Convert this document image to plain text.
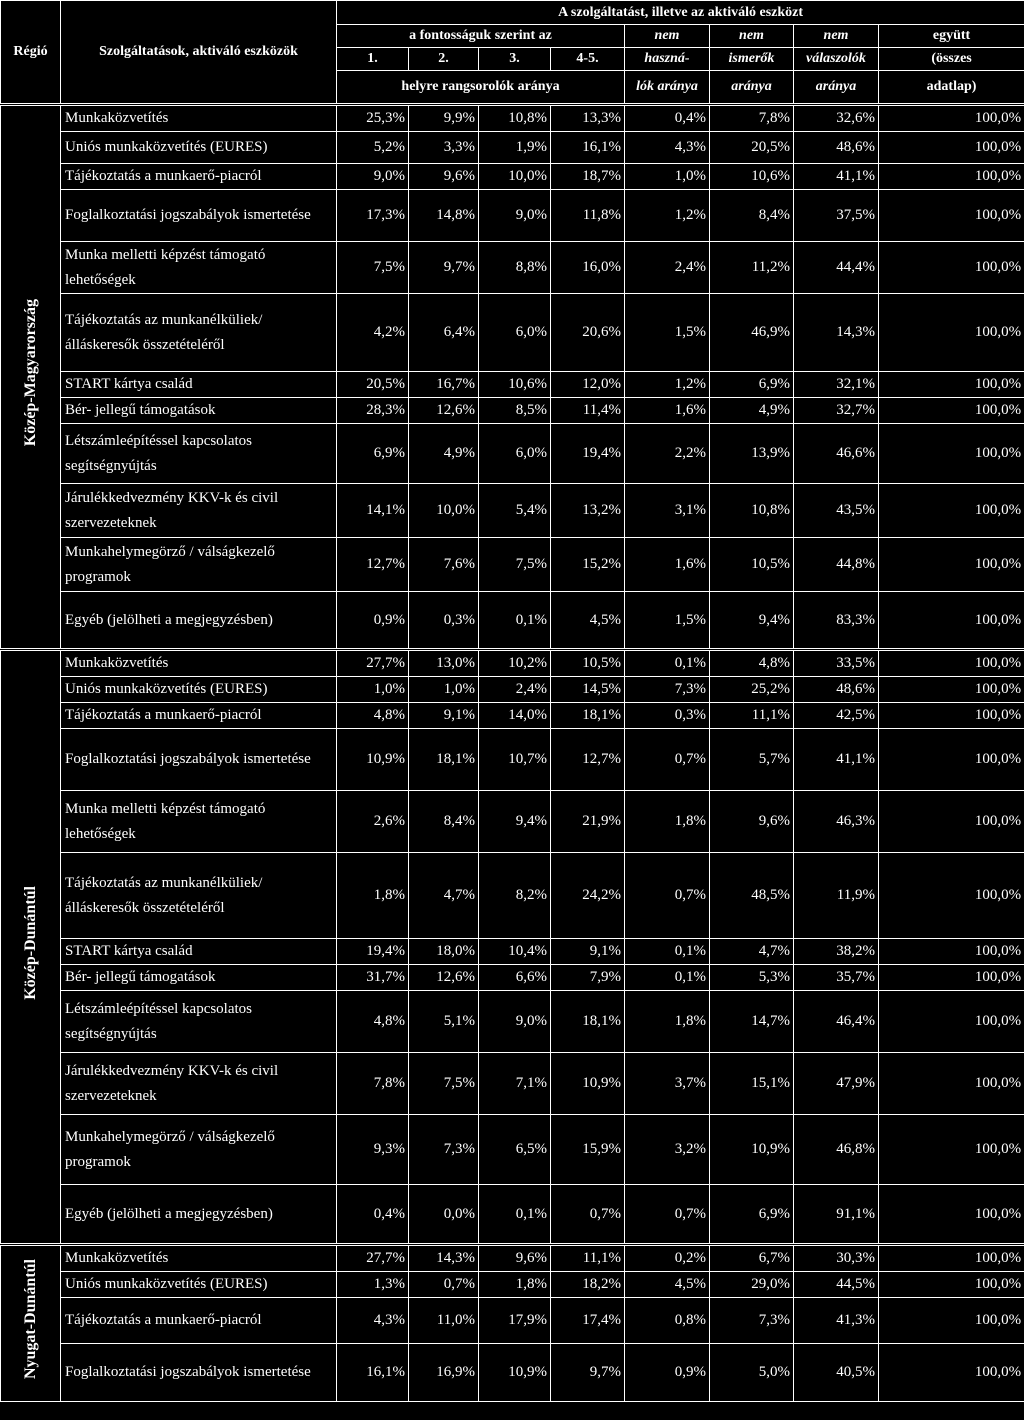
Régió	Szolgáltatások, aktiváló eszközök	A szolgáltatást, illetve az aktiváló eszközt							
		a fontosságuk szerint az				nem	nem	nem	együtt
		1.	2.	3.	4-5.	haszná-	ismerők	válaszolók	(összes
		helyre rangsorolók aránya				lók aránya	aránya	aránya	adatlap)
Közép-Magyarország	Munkaközvetítés	25,3%	9,9%	10,8%	13,3%	0,4%	7,8%	32,6%	100,0%
	Uniós munkaközvetítés (EURES)	5,2%	3,3%	1,9%	16,1%	4,3%	20,5%	48,6%	100,0%
	Tájékoztatás a munkaerő-piacról	9,0%	9,6%	10,0%	18,7%	1,0%	10,6%	41,1%	100,0%
	Foglalkoztatási jogszabályok ismertetése	17,3%	14,8%	9,0%	11,8%	1,2%	8,4%	37,5%	100,0%
	Munka melletti képzést támogató lehetőségek	7,5%	9,7%	8,8%	16,0%	2,4%	11,2%	44,4%	100,0%
	Tájékoztatás az munkanélküliek/álláskeresők összetételéről	4,2%	6,4%	6,0%	20,6%	1,5%	46,9%	14,3%	100,0%
	START kártya család	20,5%	16,7%	10,6%	12,0%	1,2%	6,9%	32,1%	100,0%
	Bér- jellegű támogatások	28,3%	12,6%	8,5%	11,4%	1,6%	4,9%	32,7%	100,0%
	Létszámleépítéssel kapcsolatos segítségnyújtás	6,9%	4,9%	6,0%	19,4%	2,2%	13,9%	46,6%	100,0%
	Járulékkedvezmény KKV-k és civil szervezeteknek	14,1%	10,0%	5,4%	13,2%	3,1%	10,8%	43,5%	100,0%
	Munkahelymegörző / válságkezelő programok	12,7%	7,6%	7,5%	15,2%	1,6%	10,5%	44,8%	100,0%
	Egyéb (jelölheti a megjegyzésben)	0,9%	0,3%	0,1%	4,5%	1,5%	9,4%	83,3%	100,0%
Közép-Dunántúl	Munkaközvetítés	27,7%	13,0%	10,2%	10,5%	0,1%	4,8%	33,5%	100,0%
	Uniós munkaközvetítés (EURES)	1,0%	1,0%	2,4%	14,5%	7,3%	25,2%	48,6%	100,0%
	Tájékoztatás a munkaerő-piacról	4,8%	9,1%	14,0%	18,1%	0,3%	11,1%	42,5%	100,0%
	Foglalkoztatási jogszabályok ismertetése	10,9%	18,1%	10,7%	12,7%	0,7%	5,7%	41,1%	100,0%
	Munka melletti képzést támogató lehetőségek	2,6%	8,4%	9,4%	21,9%	1,8%	9,6%	46,3%	100,0%
	Tájékoztatás az munkanélküliek/álláskeresők összetételéről	1,8%	4,7%	8,2%	24,2%	0,7%	48,5%	11,9%	100,0%
	START kártya család	19,4%	18,0%	10,4%	9,1%	0,1%	4,7%	38,2%	100,0%
	Bér- jellegű támogatások	31,7%	12,6%	6,6%	7,9%	0,1%	5,3%	35,7%	100,0%
	Létszámleépítéssel kapcsolatos segítségnyújtás	4,8%	5,1%	9,0%	18,1%	1,8%	14,7%	46,4%	100,0%
	Járulékkedvezmény KKV-k és civil szervezeteknek	7,8%	7,5%	7,1%	10,9%	3,7%	15,1%	47,9%	100,0%
	Munkahelymegörző / válságkezelő programok	9,3%	7,3%	6,5%	15,9%	3,2%	10,9%	46,8%	100,0%
	Egyéb (jelölheti a megjegyzésben)	0,4%	0,0%	0,1%	0,7%	0,7%	6,9%	91,1%	100,0%
Nyugat-Dunántúl	Munkaközvetítés	27,7%	14,3%	9,6%	11,1%	0,2%	6,7%	30,3%	100,0%
	Uniós munkaközvetítés (EURES)	1,3%	0,7%	1,8%	18,2%	4,5%	29,0%	44,5%	100,0%
	Tájékoztatás a munkaerő-piacról	4,3%	11,0%	17,9%	17,4%	0,8%	7,3%	41,3%	100,0%
	Foglalkoztatási jogszabályok ismertetése	16,1%	16,9%	10,9%	9,7%	0,9%	5,0%	40,5%	100,0%
